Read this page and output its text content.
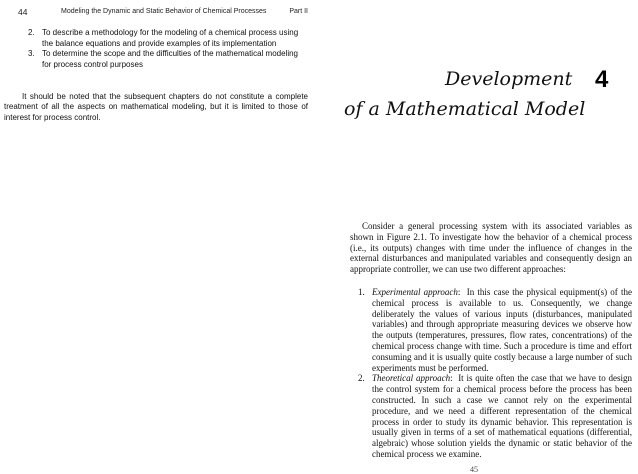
44	Modeling the Dynamic and Static Behavior of Chemical Processes	Part II
2. To describe a methodology for the modeling of a chemical process using the balance equations and provide examples of its implementation
3. To determine the scope and the difficulties of the mathematical modeling for process control purposes

It should be noted that the subsequent chapters do not constitute a complete treatment of all the aspects on mathematical modeling, but it is limited to those of interest for process control.

Development 4
of a Mathematical Model

Consider a general processing system with its associated variables as shown in Figure 2.1. To investigate how the behavior of a chemical process (i.e., its outputs) changes with time under the influence of changes in the external disturbances and manipulated variables and consequently design an appropriate controller, we can use two different approaches:

1. Experimental approach:  In this case the physical equipment(s) of the chemical process is available to us. Consequently, we change deliberately the values of various inputs (disturbances, manipulated variables) and through appropriate measuring devices we observe how the outputs (temperatures, pressures, flow rates, concentrations) of the chemical process change with time. Such a procedure is time and effort consuming and it is usually quite costly because a large number of such experiments must be performed.
2. Theoretical approach:  It is quite often the case that we have to design the control system for a chemical process before the process has been constructed. In such a case we cannot rely on the experimental procedure, and we need a different representation of the chemical process in order to study its dynamic behavior. This representation is usually given in terms of a set of mathematical equations (differential, algebraic) whose solution yields the dynamic or static behavior of the chemical process we examine.
45
